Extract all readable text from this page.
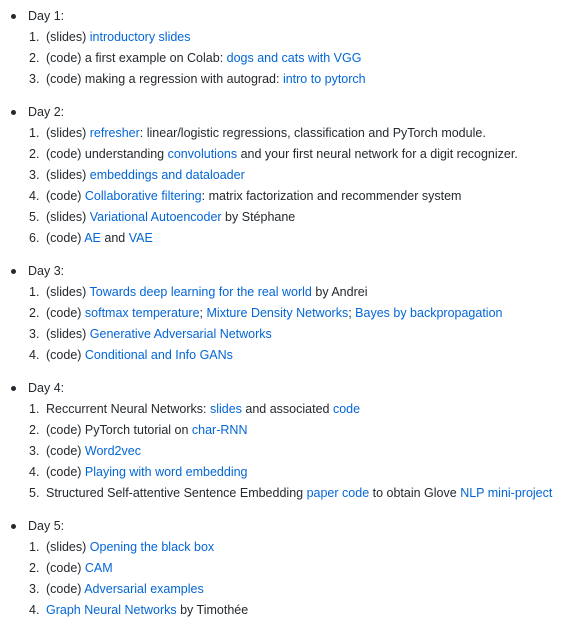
Day 1:
1. (slides) introductory slides
2. (code) a first example on Colab: dogs and cats with VGG
3. (code) making a regression with autograd: intro to pytorch
Day 2:
1. (slides) refresher: linear/logistic regressions, classification and PyTorch module.
2. (code) understanding convolutions and your first neural network for a digit recognizer.
3. (slides) embeddings and dataloader
4. (code) Collaborative filtering: matrix factorization and recommender system
5. (slides) Variational Autoencoder by Stéphane
6. (code) AE and VAE
Day 3:
1. (slides) Towards deep learning for the real world by Andrei
2. (code) softmax temperature; Mixture Density Networks; Bayes by backpropagation
3. (slides) Generative Adversarial Networks
4. (code) Conditional and Info GANs
Day 4:
1. Reccurrent Neural Networks: slides and associated code
2. (code) PyTorch tutorial on char-RNN
3. (code) Word2vec
4. (code) Playing with word embedding
5. Structured Self-attentive Sentence Embedding paper code to obtain Glove NLP mini-project
Day 5:
1. (slides) Opening the black box
2. (code) CAM
3. (code) Adversarial examples
4. Graph Neural Networks by Timothée
